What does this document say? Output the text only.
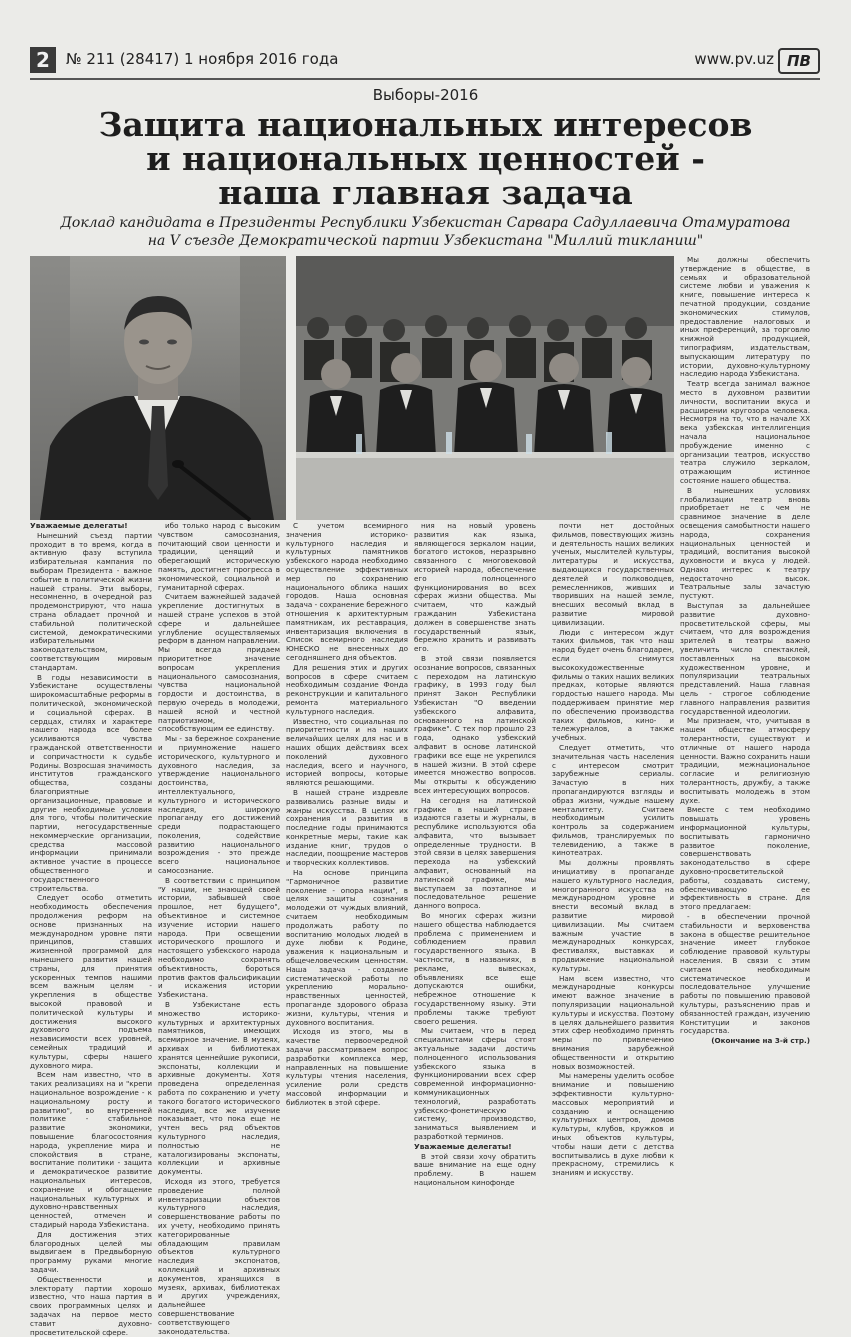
2	№ 211 (28417) 1 ноября 2016 года	www.pv.uz ПВ
Выборы-2016
Защита национальных интересов
и национальных ценностей -
наша главная задача
Доклад кандидата в Президенты Республики Узбекистан Сарвара Садуллаевича Отамуратова
на V съезде Демократической партии Узбекистана "Миллий тикланиш"

Уважаемые делегаты!

Нынешний съезд партии проходит в то время, когда в активную фазу вступила избирательная кампания по выборам Президента - важное событие в политической жизни нашей страны. Эти выборы, несомненно, в очередной раз продемонстрируют, что наша страна обладает прочной и стабильной политической системой, демократическими избирательными законодательством, соответствующим мировым стандартам.

В годы независимости в Узбекистане осуществлены широкомасштабные реформы в политической, экономической и социальной сферах. В сердцах, стилях и характере нашего народа все более усиливаются чувства гражданской ответственности и сопричастности к судьбе Родины. Возросшая значимость институтов гражданского общества, созданы благоприятные организационные, правовые и другие необходимые условия для того, чтобы политические партии, негосударственные некоммерческие организации, средства массовой информации принимали активное участие в процессе общественного и государственного строительства.

Следует особо отметить необходимость обеспечения продолжения реформ на основе признанных на международном уровне пяти принципов, ставших жизненной программой для нынешнего развития нашей страны, для принятия ускоренных темпов нашими всем важным целям - укрепления в обществе высокой правовой и политической культуры и достижения высокого духовного подъема независимости всех уровней, семейных традиций и культуры, сферы нашего духовного мира.

Всем нам известно, что в таких реализациях на и "крепи национальное возрождение - к национальному росту и развитию", во внутренней политике - стабильное развитие экономики, повышение благосостояния народа, укрепление мира и спокойствия в стране, воспитание политики - защита и демократическое развитие национальных интересов, сохранение и обогащение национальных культурных и духовно-нравственных ценностей, отмечен и стадирый народа Узбекистана.

Для достижения этих благородных целей мы выдвигаем в Предвыборную программу руками многие задачи.

Общественности и электорату партии хорошо известно, что наша партия в своих программных целях и задачах на первое место ставит духовно-просветительской сфере.

ибо только народ с высоким чувством самосознания, почитающий свои ценности и традиции, ценящий и оберегающий историческую память, достигнет прогресса в экономической, социальной и гуманитарной сферах.

Считаем важнейшей задачей укрепление достигнутых в нашей стране успехов в этой сфере и дальнейшее углубление осуществляемых реформ в данном направлении. Мы всегда придаем приоритетное значение вопросам укрепления национального самосознания, чувства национальной гордости и достоинства, в первую очередь в молодежи, нашей ясной и честной патриотизмом, способствующим ее единству.

Мы - за бережное сохранение и приумножение нашего исторического, культурного и духовного наследия, за утверждение национального достоинства, интеллектуального, культурного и исторического наследия, широкую пропаганду его достижений среди подрастающего поколения, содействие развитию национального возрождения - это прежде всего национальное самосознание.

В соответствии с принципом "У нации, не знающей своей истории, забывшей свое прошлое, нет будущего", объективное и системное изучение истории нашего народа. При освещении исторического прошлого и настоящего узбекского народа необходимо сохранять объективность, бороться против фактов фальсификации и искажения истории Узбекистана.

В Узбекистане есть множество историко-культурных и архитектурных памятников, имеющих всемирное значение. В музеях, архивах и библиотеках хранятся ценнейшие рукописи, экспонаты, коллекции и архивные документы. Хотя проведена определенная работа по сохранению и учету такого богатого исторического наследия, все же изучение показывает, что пока еще не учтен весь ряд объектов культурного наследия, полностью не каталогизированы экспонаты, коллекции и архивные документы.

Исходя из этого, требуется проведение полной инвентаризации объектов культурного наследия, совершенствование работы по их учету, необходимо принять категорированные обладающим правилам объектов культурного наследия экспонатов, коллекций и архивных документов, хранящихся в музеях, архивах, библиотеках и других учреждениях, дальнейшее совершенствование соответствующего законодательства.

С учетом всемирного значения историко-культурного наследия и культурных памятников узбекского народа необходимо осуществление эффективных мер по сохранению национального облика наших городов. Наша основная задача - сохранение бережного отношения к архитектурным памятникам, их реставрация, инвентаризация включения в Список всемирного наследия ЮНЕСКО не внесенных до сегодняшнего дня объектов.

Для решения этих и других вопросов в сфере считаем необходимым создание Фонда реконструкции и капитального ремонта материального культурного наследия.

Известно, что социальная по приоритетности и на наших величайших целях для нас и в наших общих действиях всех поколений духовного наследия, всего и научного, историей вопросы, которые являются решающими.

В нашей стране издревле развивались разные виды и жанры искусства. В целях их сохранения и развития в последние годы принимаются конкретные меры, такие как издание книг, трудов о наследии, поощрение мастеров и творческих коллективов.

На основе принципа "Гармоничное развитие поколение - опора нации", в целях защиты сознания молодежи от чуждых влияний, считаем необходимым продолжать работу по воспитанию молодых людей в духе любви к Родине, уважения к национальным и общечеловеческим ценностям. Наша задача - создание систематической работы по укреплению морально-нравственных ценностей, пропаганде здорового образа жизни, культуры, чтения и духовного воспитания.

Исходя из этого, мы в качестве первоочередной задачи рассматриваем вопрос разработки комплекса мер, направленных на повышение культуры чтения населения, усиление роли средств массовой информации и библиотек в этой сфере.

ния на новый уровень развития как языка, являющегося зеркалом нации, богатого истоков, неразрывно связанного с многовековой историей народа, обеспечение его полноценного функционирования во всех сферах жизни общества. Мы считаем, что каждый гражданин Узбекистана должен в совершенстве знать государственный язык, бережно хранить и развивать его.

В этой связи появляется осознание вопросов, связанных с переходом на латинскую графику, в 1993 году был принят Закон Республики Узбекистан "О введении узбекского алфавита, основанного на латинской графике". С тех пор прошло 23 года, однако узбекский алфавит в основе латинской графики все еще не укрепился в нашей жизни. В этой сфере имеется множество вопросов. Мы открыты к обсуждению всех интересующих вопросов.

На сегодня на латинской графике в нашей стране издаются газеты и журналы, в республике используются оба алфавита, что вызывает определенные трудности. В этой связи в целях завершения перехода на узбекский алфавит, основанный на латинской графике, мы выступаем за поэтапное и последовательное решение данного вопроса.

Во многих сферах жизни нашего общества наблюдается проблема с применением и соблюдением правил государственного языка. В частности, в названиях, в рекламе, вывесках, объявлениях все еще допускаются ошибки, небрежное отношение к государственному языку. Эти проблемы также требуют своего решения.

Мы считаем, что в перед специалистами сферы стоят актуальные задачи достичь полноценного использования узбекского языка в функционировании всех сфер современной информационно-коммуникационных технологий, разработать узбекско-фонетическую систему, производство, заниматься выявлением и разработкой терминов.

Уважаемые делегаты!

В этой связи хочу обратить ваше внимание на еще одну проблему. В нашем национальном кинофонде

почти нет достойных фильмов, повествующих жизнь и деятельность наших великих ученых, мыслителей культуры, литературы и искусства, выдающихся государственных деятелей и полководцев, ремесленников, живших и творивших на нашей земле, внесших весомый вклад в развитие мировой цивилизации.

Люди с интересом ждут таких фильмов, так что наш народ будет очень благодарен, если снимутся высокохудожественные фильмы о таких наших великих предках, которые являются гордостью нашего народа. Мы поддерживаем принятие мер по обеспечению производства таких фильмов, кино- и тележурналов, а также учебных.

Следует отметить, что значительная часть населения с интересом смотрит зарубежные сериалы. Зачастую в них пропагандируются взгляды и образ жизни, чуждые нашему менталитету. Считаем необходимым усилить контроль за содержанием фильмов, транслируемых по телевидению, а также в кинотеатрах.

Мы должны проявлять инициативу в пропаганде нашего культурного наследия, многогранного искусства на международном уровне и внести весомый вклад в развитие мировой цивилизации. Мы считаем важным участие в международных конкурсах, фестивалях, выставках и продвижение национальной культуры.

Нам всем известно, что международные конкурсы имеют важное значение в популяризации национальной культуры и искусства. Поэтому в целях дальнейшего развития этих сфер необходимо принять меры по привлечению внимания зарубежной общественности и открытию новых возможностей.

Мы намерены уделить особое внимание и повышению эффективности культурно-массовых мероприятий и созданию и оснащению культурных центров, домов культуры, клубов, кружков и иных объектов культуры, чтобы наши дети с детства воспитывались в духе любви к прекрасному, стремились к знаниям и искусству.

Мы должны обеспечить утверждение в обществе, в семьях и образовательной системе любви и уважения к книге, повышение интереса к печатной продукции, создание экономических стимулов, предоставление налоговых и иных преференций, за торговлю книжной продукцией, типографиям, издательствам, выпускающим литературу по истории, духовно-культурному наследию народа Узбекистана.

Театр всегда занимал важное место в духовном развитии личности, воспитании вкуса и расширении кругозора человека. Несмотря на то, что в начале XX века узбекская интеллигенция начала национальное пробуждение именно с организации театров, искусство театра служило зеркалом, отражающим истинное состояние нашего общества.

В нынешних условиях глобализации театр вновь приобретает не с чем не сравнимое значение в деле освещения самобытности нашего народа, сохранения национальных ценностей и традиций, воспитания высокой духовности и вкуса у людей. Однако интерес к театру недостаточно высок. Театральные залы зачастую пустуют.

Выступая за дальнейшее развитие духовно-просветительской сферы, мы считаем, что для возрождения зрителей в театры важно увеличить число спектаклей, поставленных на высоком художественном уровне, и популяризации театральных представлений. Наша главная цель - строгое соблюдение главного направления развития государственной идеологии.

Мы признаем, что, учитывая в нашем обществе атмосферу толерантности, существуют и отличные от нашего народа ценности. Важно сохранить наши традиции, межнациональное согласие и религиозную толерантность, дружбу, а также воспитывать молодежь в этом духе.

Вместе с тем необходимо повышать уровень информационной культуры, воспитывать гармонично развитое поколение, совершенствовать законодательство в сфере духовно-просветительской работы, создавать систему, обеспечивающую ее эффективность в стране. Для этого предлагаем:

- в обеспечении прочной стабильности и верховенства закона в обществе решительное значение имеет глубокое соблюдение правовой культуры населения. В связи с этим считаем необходимым систематическое и последовательное улучшение работы по повышению правовой культуры, разъяснению прав и обязанностей граждан, изучению Конституции и законов государства.

(Окончание на 3-й стр.)
